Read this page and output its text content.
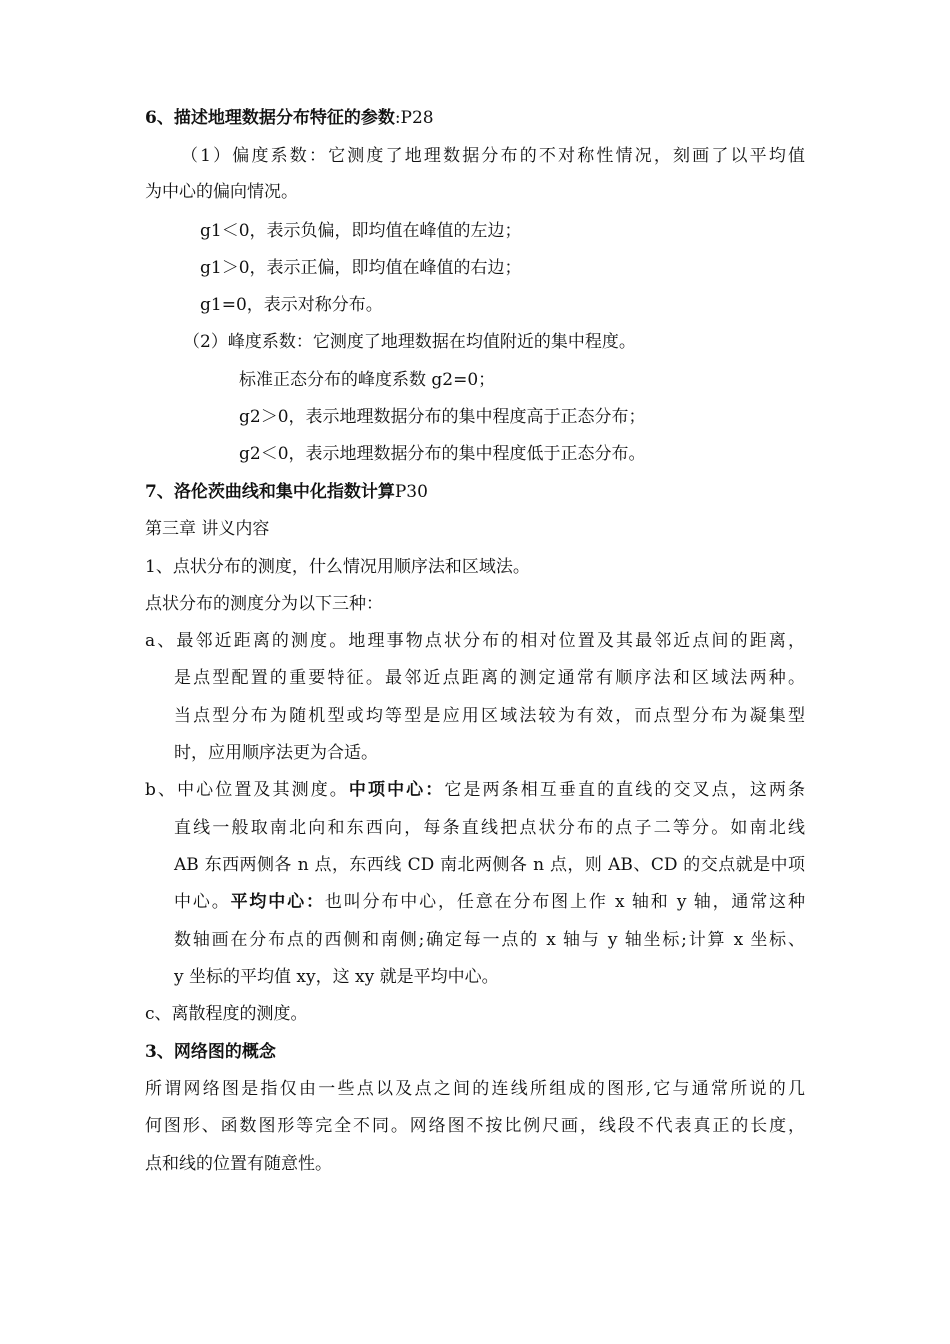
6、描述地理数据分布特征的参数:P28
（1）偏度系数：它测度了地理数据分布的不对称性情况，刻画了以平均值
为中心的偏向情况。
g1＜0，表示负偏，即均值在峰值的左边；
g1＞0，表示正偏，即均值在峰值的右边；
g1=0，表示对称分布。
（2）峰度系数：它测度了地理数据在均值附近的集中程度。
标准正态分布的峰度系数 g2=0；
g2＞0，表示地理数据分布的集中程度高于正态分布；
g2＜0，表示地理数据分布的集中程度低于正态分布。
7、洛伦茨曲线和集中化指数计算P30
第三章 讲义内容
1、点状分布的测度，什么情况用顺序法和区域法。
点状分布的测度分为以下三种：
a、最邻近距离的测度。地理事物点状分布的相对位置及其最邻近点间的距离，
是点型配置的重要特征。最邻近点距离的测定通常有顺序法和区域法两种。
当点型分布为随机型或均等型是应用区域法较为有效，而点型分布为凝集型
时，应用顺序法更为合适。
b、中心位置及其测度。中项中心：它是两条相互垂直的直线的交叉点，这两条
直线一般取南北向和东西向，每条直线把点状分布的点子二等分。如南北线
AB 东西两侧各 n 点，东西线 CD 南北两侧各 n 点，则 AB、CD 的交点就是中项
中心。平均中心：也叫分布中心，任意在分布图上作 x 轴和 y 轴，通常这种
数轴画在分布点的西侧和南侧;确定每一点的 x 轴与 y 轴坐标;计算 x 坐标、
y 坐标的平均值 xy，这 xy 就是平均中心。
c、离散程度的测度。
3、网络图的概念
所谓网络图是指仅由一些点以及点之间的连线所组成的图形,它与通常所说的几
何图形、函数图形等完全不同。网络图不按比例尺画，线段不代表真正的长度，
点和线的位置有随意性。
